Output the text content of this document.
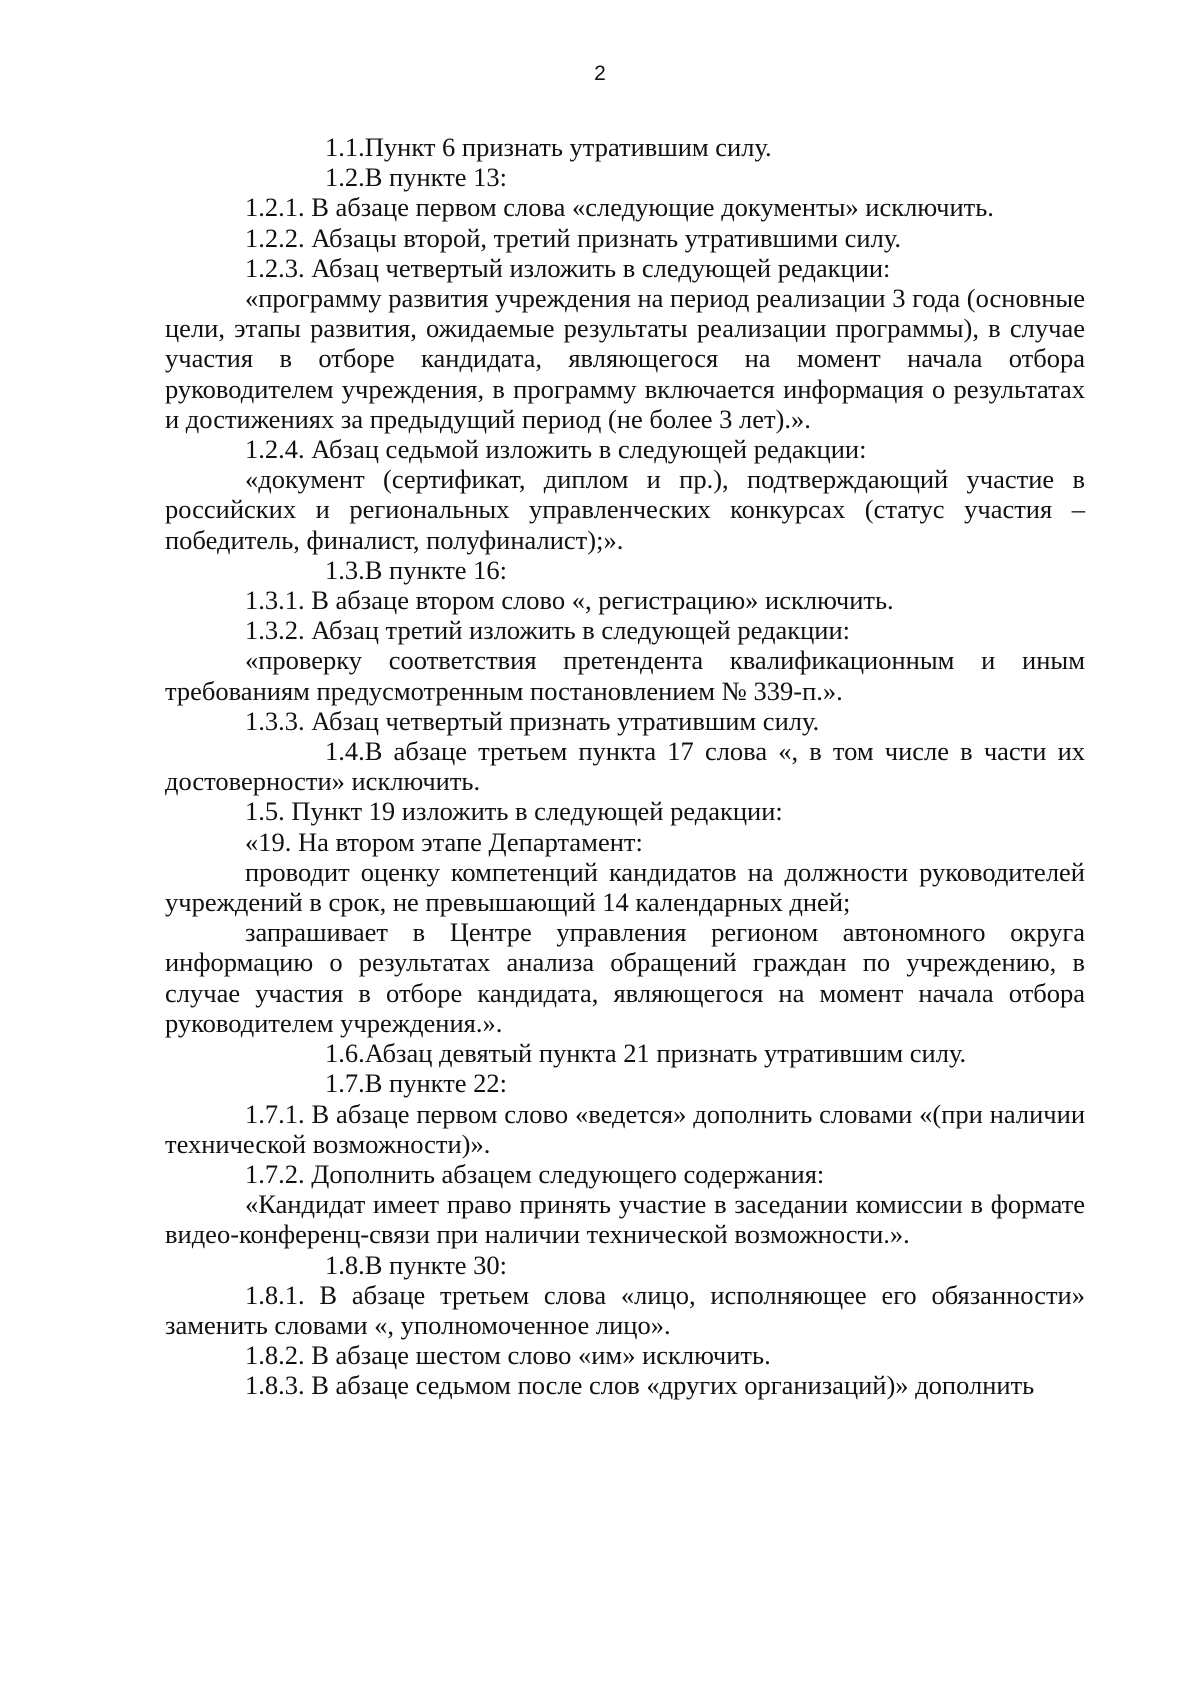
2

1.1.Пункт 6 признать утратившим силу.

1.2.В пункте 13:

1.2.1. В абзаце первом слова «следующие документы» исключить.

1.2.2. Абзацы второй, третий признать утратившими силу.

1.2.3. Абзац четвертый изложить в следующей редакции:

«программу развития учреждения на период реализации 3 года (основные цели, этапы развития, ожидаемые результаты реализации программы), в случае участия в отборе кандидата, являющегося на момент начала отбора руководителем учреждения, в программу включается информация о результатах и достижениях за предыдущий период (не более 3 лет).».

1.2.4. Абзац седьмой изложить в следующей редакции:

«документ (сертификат, диплом и пр.), подтверждающий участие в российских и региональных управленческих конкурсах (статус участия – победитель, финалист, полуфиналист);».

1.3.В пункте 16:

1.3.1. В абзаце втором слово «, регистрацию» исключить.

1.3.2. Абзац третий изложить в следующей редакции:

«проверку соответствия претендента квалификационным и иным требованиям предусмотренным постановлением № 339-п.».

1.3.3. Абзац четвертый признать утратившим силу.

1.4.В абзаце третьем пункта 17 слова «, в том числе в части их достоверности» исключить.

1.5. Пункт 19 изложить в следующей редакции:

«19. На втором этапе Департамент:

проводит оценку компетенций кандидатов на должности руководителей учреждений в срок, не превышающий 14 календарных дней;

запрашивает в Центре управления регионом автономного округа информацию о результатах анализа обращений граждан по учреждению, в случае участия в отборе кандидата, являющегося на момент начала отбора руководителем учреждения.».

1.6.Абзац девятый пункта 21 признать утратившим силу.

1.7.В пункте 22:

1.7.1. В абзаце первом слово «ведется» дополнить словами «(при наличии технической возможности)».

1.7.2. Дополнить абзацем следующего содержания:

«Кандидат имеет право принять участие в заседании комиссии в формате видео-конференц-связи при наличии технической возможности.».

1.8.В пункте 30:

1.8.1. В абзаце третьем слова «лицо, исполняющее его обязанности» заменить словами «, уполномоченное лицо».

1.8.2. В абзаце шестом слово «им» исключить.

1.8.3. В абзаце седьмом после слов «других организаций)» дополнить
